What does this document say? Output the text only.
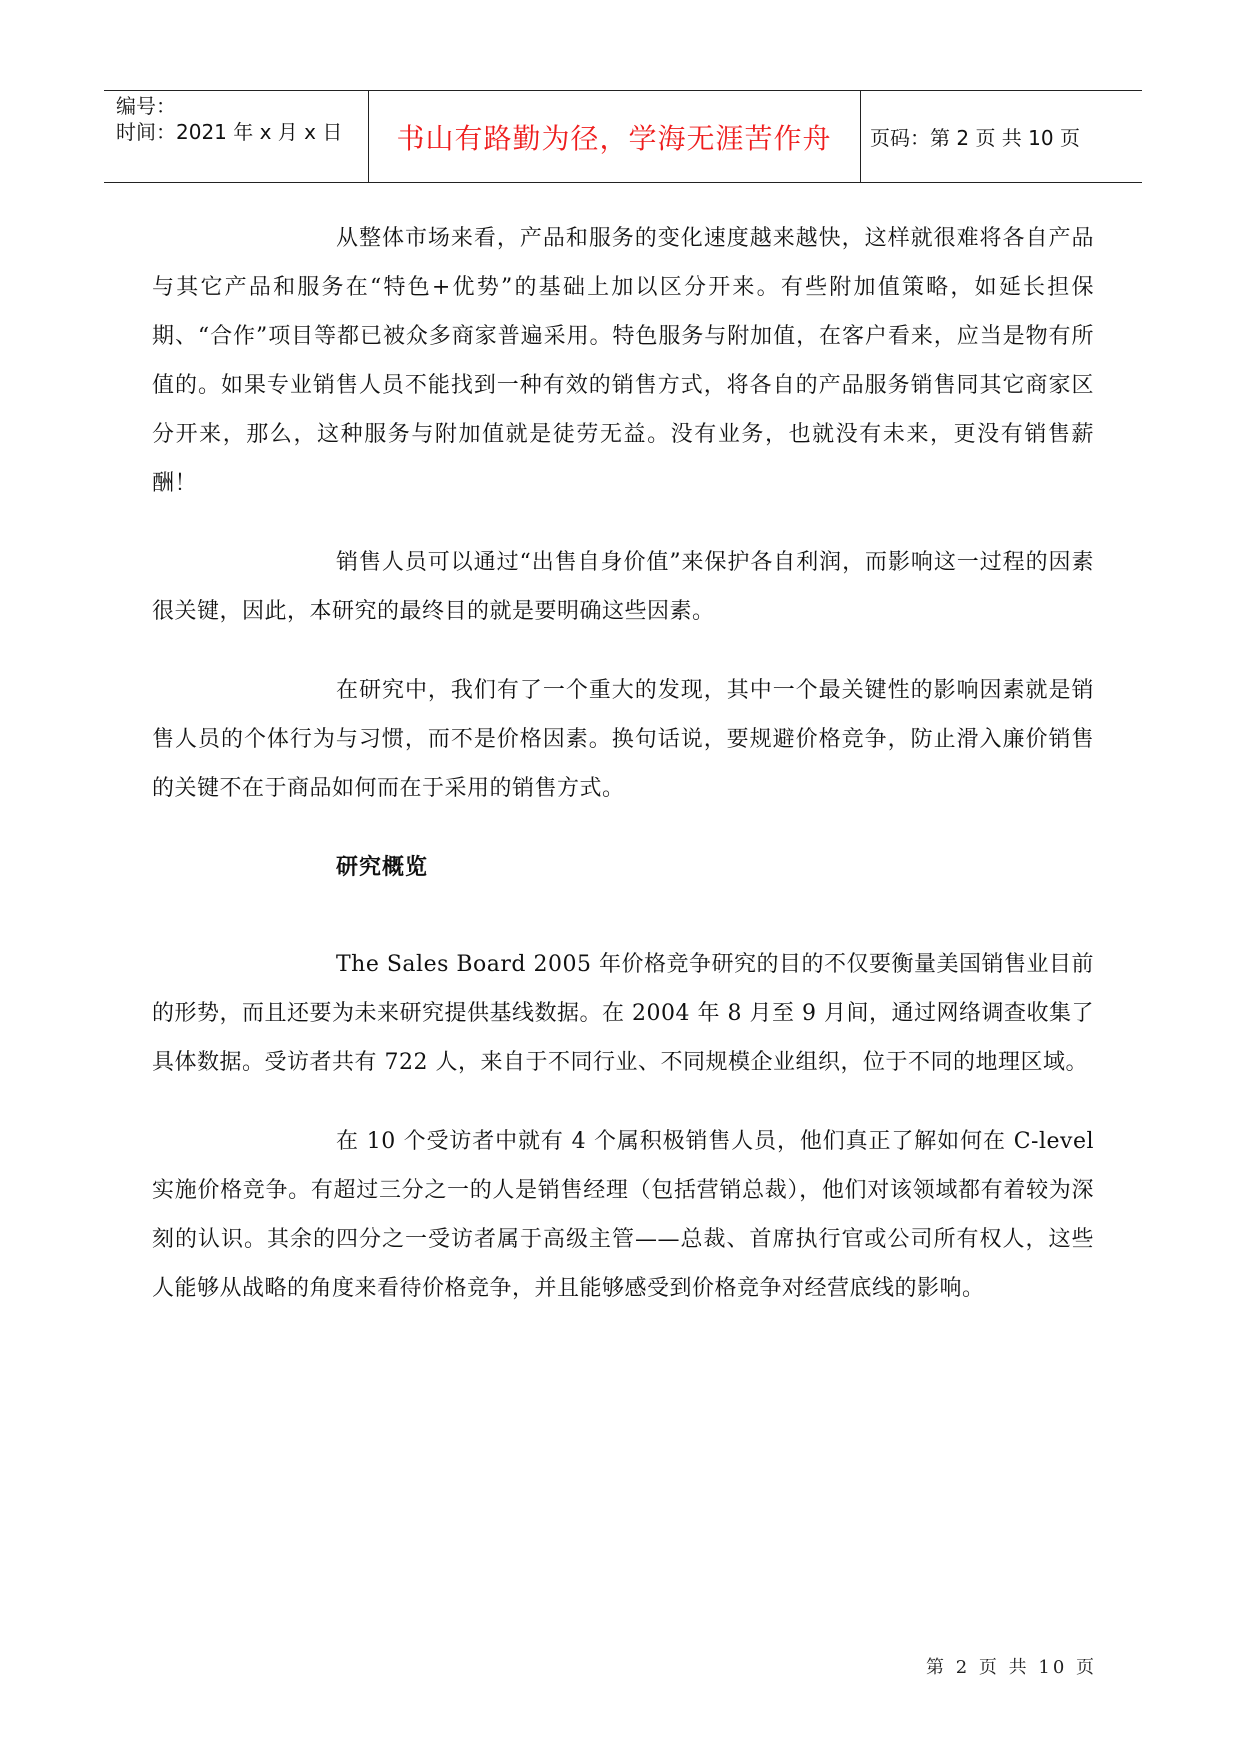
编号：
时间：2021 年 x 月 x 日	书山有路勤为径，学海无涯苦作舟	页码：第 2 页 共 10 页

从整体市场来看，产品和服务的变化速度越来越快，这样就很难将各自产品与其它产品和服务在“特色+优势”的基础上加以区分开来。有些附加值策略，如延长担保期、“合作”项目等都已被众多商家普遍采用。特色服务与附加值，在客户看来，应当是物有所值的。如果专业销售人员不能找到一种有效的销售方式，将各自的产品服务销售同其它商家区分开来，那么，这种服务与附加值就是徒劳无益。没有业务，也就没有未来，更没有销售薪酬！

销售人员可以通过“出售自身价值”来保护各自利润，而影响这一过程的因素很关键，因此，本研究的最终目的就是要明确这些因素。

在研究中，我们有了一个重大的发现，其中一个最关键性的影响因素就是销售人员的个体行为与习惯，而不是价格因素。换句话说，要规避价格竞争，防止滑入廉价销售的关键不在于商品如何而在于采用的销售方式。

研究概览

The Sales Board 2005 年价格竞争研究的目的不仅要衡量美国销售业目前的形势，而且还要为未来研究提供基线数据。在 2004 年 8 月至 9 月间，通过网络调查收集了具体数据。受访者共有 722 人，来自于不同行业、不同规模企业组织，位于不同的地理区域。

在 10 个受访者中就有 4 个属积极销售人员，他们真正了解如何在 C-level 实施价格竞争。有超过三分之一的人是销售经理（包括营销总裁），他们对该领域都有着较为深刻的认识。其余的四分之一受访者属于高级主管——总裁、首席执行官或公司所有权人，这些人能够从战略的角度来看待价格竞争，并且能够感受到价格竞争对经营底线的影响。

第 2 页 共 10 页
